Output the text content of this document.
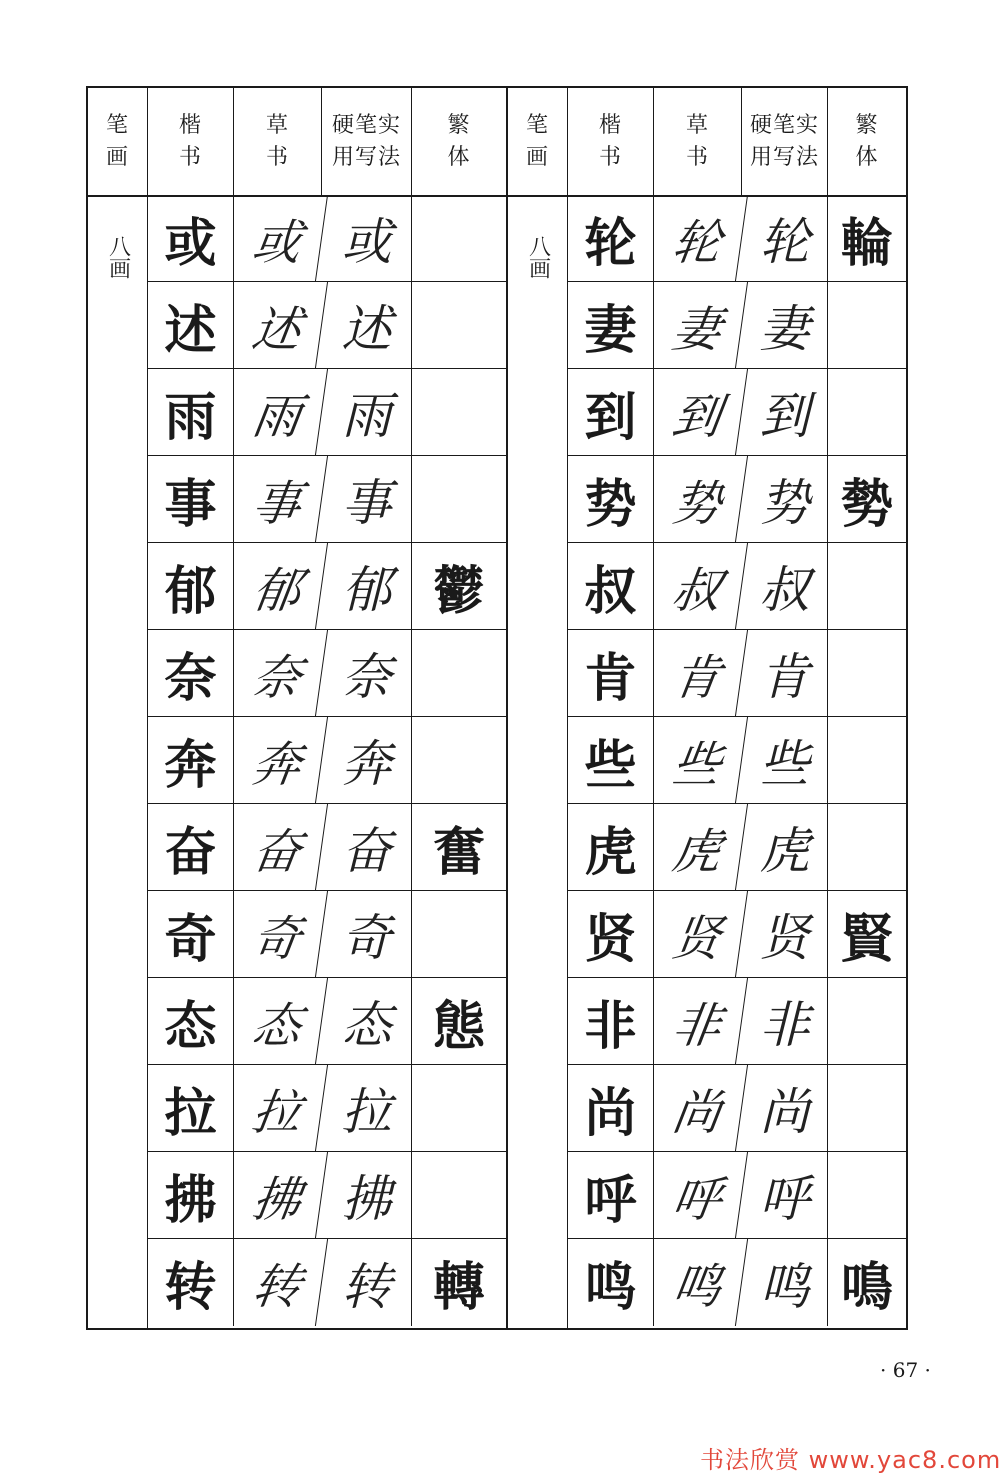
笔
画
楷
书
草
书
硬笔实
用写法
繁
体
八画 或 或 或
述 述 述
雨 雨 雨
事 事 事
郁 郁 郁 鬱
奈 奈 奈
奔 奔 奔
奋 奋 奋 奮
奇 奇 奇
态 态 态 態
拉 拉 拉
拂 拂 拂
转 转 转 轉
笔
画
楷
书
草
书
硬笔实
用写法
繁
体
八画 轮 轮 轮 輪
妻 妻 妻
到 到 到
势 势 势 勢
叔 叔 叔
肯 肯 肯
些 些 些
虎 虎 虎
贤 贤 贤 賢
非 非 非
尚 尚 尚
呼 呼 呼
鸣 鸣 鸣 鳴
· 67 ·
书法欣赏 www.yac8.com
